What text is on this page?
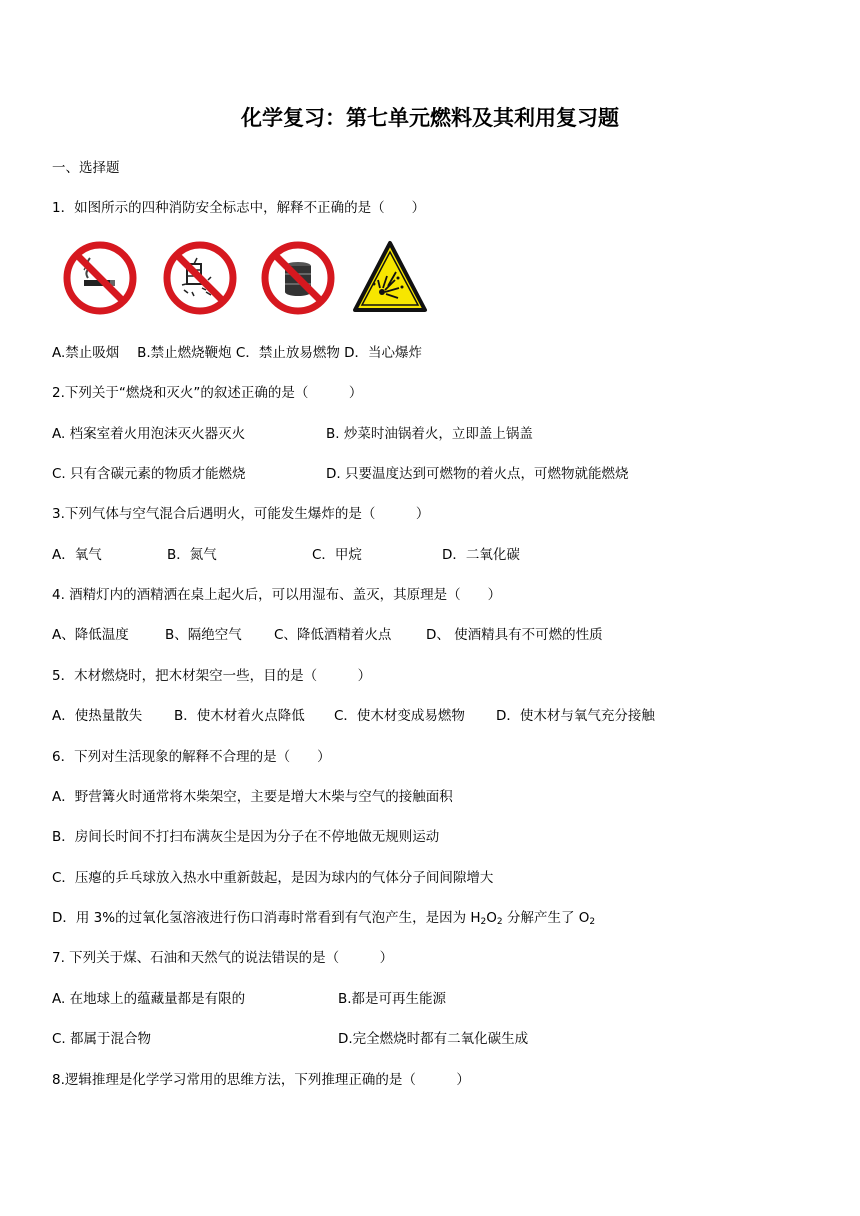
化学复习：第七单元燃料及其利用复习题
一、选择题
1．如图所示的四种消防安全标志中，解释不正确的是（　　）
A.禁止吸烟　 B.禁止燃烧鞭炮 C．禁止放易燃物 D．当心爆炸
2.下列关于“燃烧和灭火”的叙述正确的是（　　　）
A. 档案室着火用泡沫灭火器灭火	B. 炒菜时油锅着火，立即盖上锅盖
C. 只有含碳元素的物质才能燃烧	D. 只要温度达到可燃物的着火点，可燃物就能燃烧
3.下列气体与空气混合后遇明火，可能发生爆炸的是（　　　）
A．氧气	B．氮气	C．甲烷	D．二氧化碳
4. 酒精灯内的酒精洒在桌上起火后，可以用湿布、盖灭，其原理是（　　）
A、降低温度	B、隔绝空气 C、降低酒精着火点	D、 使酒精具有不可燃的性质
5．木材燃烧时，把木材架空一些，目的是（　　　）
A．使热量散失 B．使木材着火点降低 C．使木材变成易燃物 D．使木材与氧气充分接触
6．下列对生活现象的解释不合理的是（　　）
A．野营篝火时通常将木柴架空，主要是增大木柴与空气的接触面积
B．房间长时间不打扫布满灰尘是因为分子在不停地做无规则运动
C．压瘪的乒乓球放入热水中重新鼓起，是因为球内的气体分子间间隙增大
D．用 3%的过氧化氢溶液进行伤口消毒时常看到有气泡产生，是因为 $H_2O_2$ 分解产生了 $O_2$
7. 下列关于煤、石油和天然气的说法错误的是（　　　）
A. 在地球上的蕴藏量都是有限的	B.都是可再生能源
C. 都属于混合物	D.完全燃烧时都有二氧化碳生成
8.逻辑推理是化学学习常用的思维方法，下列推理正确的是（　　　）
